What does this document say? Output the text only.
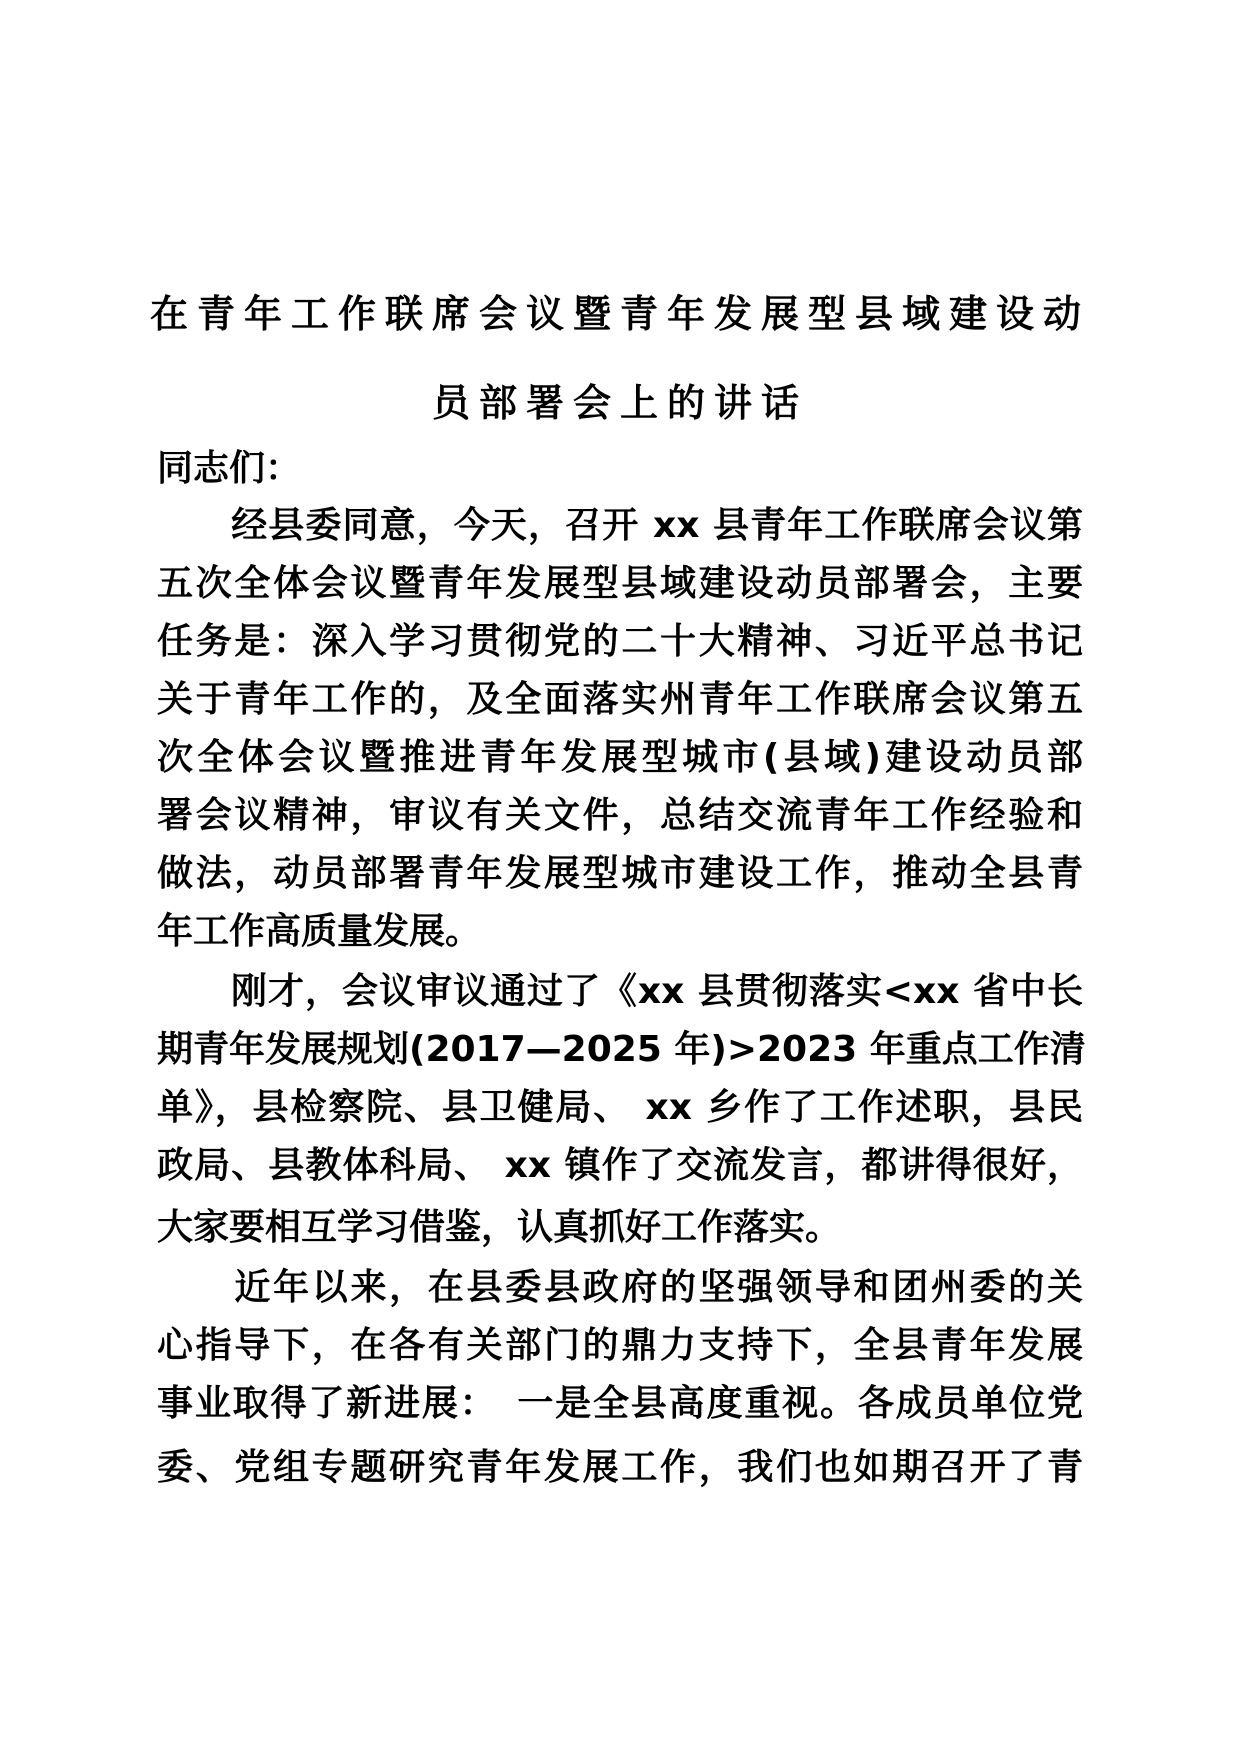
在青年工作联席会议暨青年发展型县域建设动
员部署会上的讲话
同志们：
　　经县委同意，今天，召开 xx 县青年工作联席会议第
五次全体会议暨青年发展型县域建设动员部署会，主要
任务是：深入学习贯彻党的二十大精神、习近平总书记
关于青年工作的，及全面落实州青年工作联席会议第五
次全体会议暨推进青年发展型城市(县域)建设动员部
署会议精神，审议有关文件，总结交流青年工作经验和
做法，动员部署青年发展型城市建设工作，推动全县青
年工作高质量发展。
　　刚才，会议审议通过了《xx 县贯彻落实<xx 省中长
期青年发展规划(2017—2025 年)>2023 年重点工作清
单》，县检察院、县卫健局、 xx 乡作了工作述职，县民
政局、县教体科局、 xx 镇作了交流发言，都讲得很好，
大家要相互学习借鉴，认真抓好工作落实。
　　近年以来，在县委县政府的坚强领导和团州委的关
心指导下，在各有关部门的鼎力支持下，全县青年发展
事业取得了新进展：　一是全县高度重视。各成员单位党
委、党组专题研究青年发展工作，我们也如期召开了青
